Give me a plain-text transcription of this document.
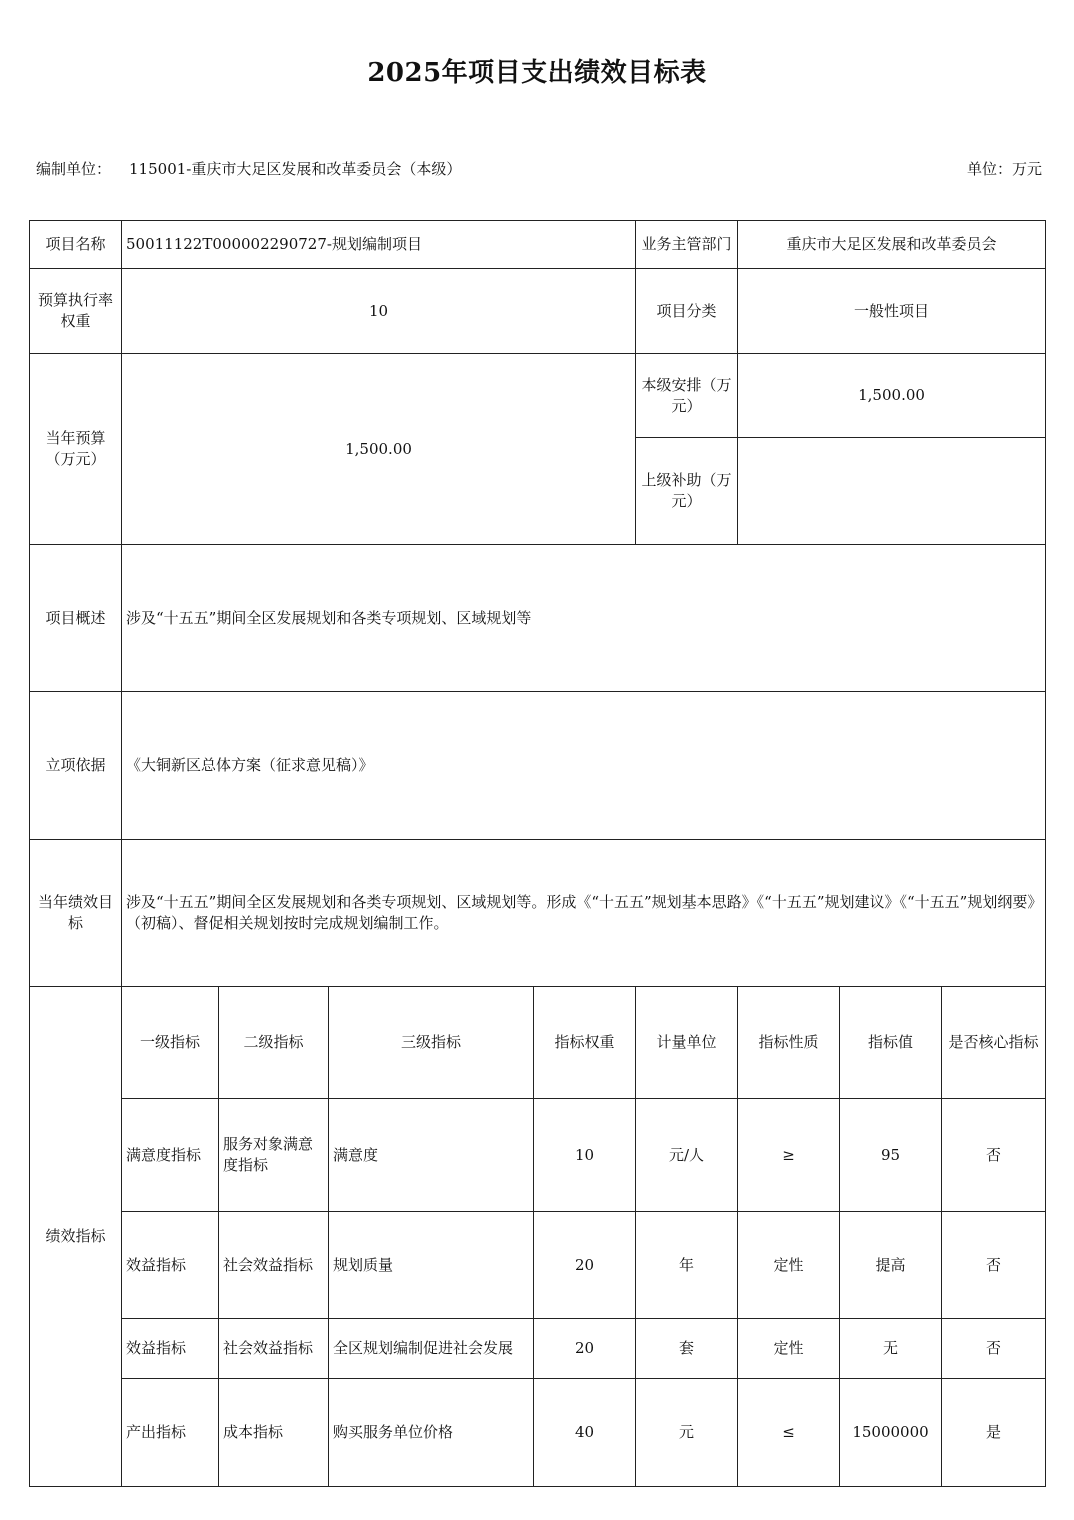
2025年项目支出绩效目标表
编制单位： 115001-重庆市大足区发展和改革委员会（本级）	单位：万元
项目名称	50011122T000002290727-规划编制项目				业务主管部门	重庆市大足区发展和改革委员会		
预算执行率权重	10				项目分类	一般性项目		
当年预算（万元）	1,500.00				本级安排（万元）	1,500.00		
					上级补助（万元）			
项目概述	涉及“十五五”期间全区发展规划和各类专项规划、区域规划等							
立项依据	《大铜新区总体方案（征求意见稿）》							
当年绩效目标	涉及“十五五”期间全区发展规划和各类专项规划、区域规划等。形成《“十五五”规划基本思路》《“十五五”规划建议》《“十五五”规划纲要》（初稿）、督促相关规划按时完成规划编制工作。							
绩效指标	一级指标	二级指标	三级指标	指标权重	计量单位	指标性质	指标值	是否核心指标
	满意度指标	服务对象满意度指标	满意度	10	元/人	≥	95	否
	效益指标	社会效益指标	规划质量	20	年	定性	提高	否
	效益指标	社会效益指标	全区规划编制促进社会发展	20	套	定性	无	否
	产出指标	成本指标	购买服务单位价格	40	元	≤	15000000	是
